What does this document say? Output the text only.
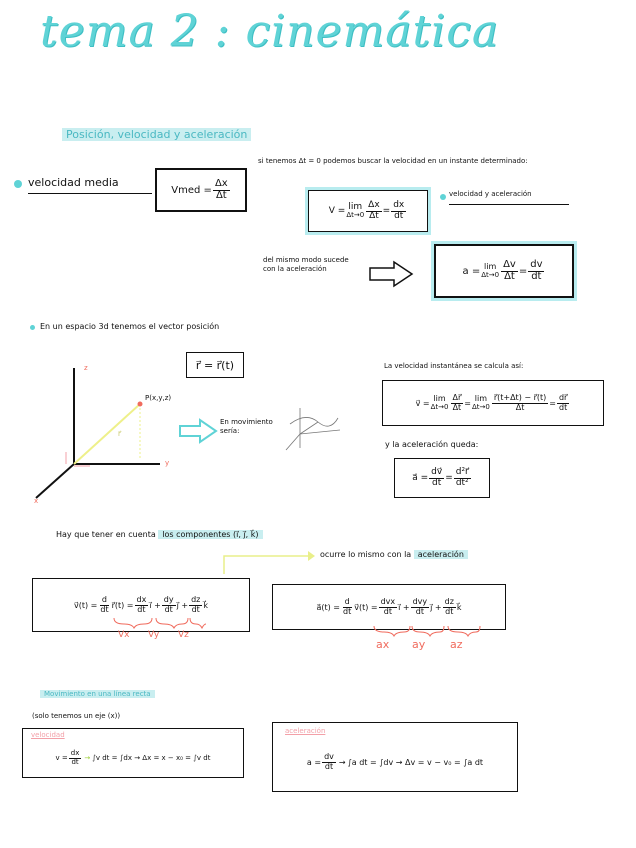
tema 2 : cinemática
Posición, velocidad y aceleración
si tenemos Δt = 0 podemos buscar la velocidad en un instante determinado:
velocidad media
Vmed = $\frac{\Delta x}{\Delta t}$
V = lim
$\Delta t\to 0 \frac{\Delta x}{\Delta t} = \frac{dx}{dt}$
velocidad y aceleración
del mismo modo sucede con la aceleración	a = lim
$\Delta t\to 0 \frac{\Delta v}{\Delta t} = \frac{dv}{dt}$
En un espacio 3d tenemos el vector posición
r⃗ = r⃗(t)
z
y
x
P(x,y,z)
r⃗
En movimiento sería:
La velocidad instantánea se calcula así:
v⃗ = lim
$\Delta t\to 0 \frac{\Delta r⃗}{\Delta t} = \lim$
$\Delta t\to 0 \frac{r⃗(t+\Delta t) - r⃗(t)}{\Delta t} = \frac{dr⃗}{dt}$
y la aceleración queda:
a⃗ = $\frac{dv⃗}{dt} = \frac{\text{d²r⃗}}{\text{dt²}}$
Hay que tener en cuenta los componentes (i⃗, j⃗, k⃗)
ocurre lo mismo con la aceleración
v⃗(t) = $\frac{d}{dt}$ r⃗(t) = $\frac{dx}{dt}$ i⃗ + $\frac{dy}{dt}$ j⃗ + $\frac{dz}{dt}$ k⃗
Vx Vy Vz
a⃗(t) = $\frac{d}{dt}$ v⃗(t) = $\frac{\text{dvx}}{dt}$ i⃗ + $\frac{\text{dvy}}{dt}$ j⃗ + $\frac{dz}{dt}$ k⃗
ax ay az
Movimiento en una línea recta
(solo tenemos un eje (x))
velocidad
$v = \frac{dx}{dt} \to \int v$ dt = ∫dx → Δx = x − x₀ = ∫v dt
aceleración
$a = \frac{dv}{dt} \to \int a$ dt = ∫dv → Δv = v − v₀ = ∫a dt
